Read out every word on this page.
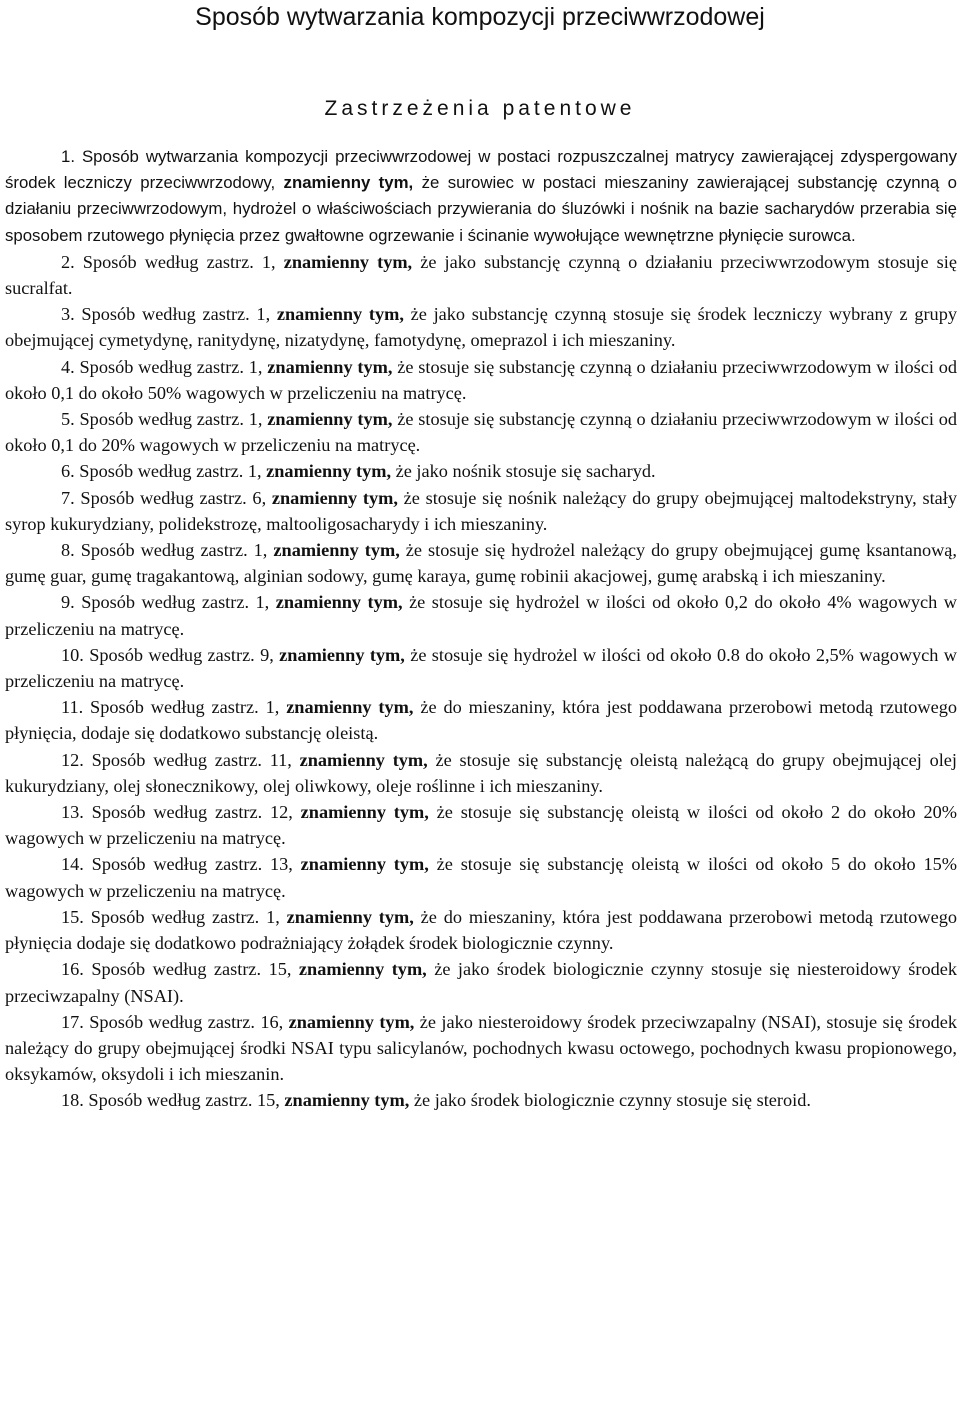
Sposób wytwarzania kompozycji przeciwwrzodowej
Zastrzeżenia patentowe

1. Sposób wytwarzania kompozycji przeciwwrzodowej w postaci rozpuszczalnej matrycy zawierającej zdyspergowany środek leczniczy przeciwwrzodowy, znamienny tym, że surowiec w postaci mieszaniny zawierającej substancję czynną o działaniu przeciwwrzodowym, hydrożel o właściwościach przywierania do śluzówki i nośnik na bazie sacharydów przerabia się sposobem rzutowego płynięcia przez gwałtowne ogrzewanie i ścinanie wywołujące wewnętrzne płynięcie surowca.

2. Sposób według zastrz. 1, znamienny tym, że jako substancję czynną o działaniu przeciwwrzodowym stosuje się sucralfat.

3. Sposób według zastrz. 1, znamienny tym, że jako substancję czynną stosuje się środek leczniczy wybrany z grupy obejmującej cymetydynę, ranitydynę, nizatydynę, famotydynę, omeprazol i ich mieszaniny.

4. Sposób według zastrz. 1, znamienny tym, że stosuje się substancję czynną o działaniu przeciwwrzodowym w ilości od około 0,1 do około 50% wagowych w przeliczeniu na matrycę.

5. Sposób według zastrz. 1, znamienny tym, że stosuje się substancję czynną o działaniu przeciwwrzodowym w ilości od około 0,1 do 20% wagowych w przeliczeniu na matrycę.

6. Sposób według zastrz. 1, znamienny tym, że jako nośnik stosuje się sacharyd.

7. Sposób według zastrz. 6, znamienny tym, że stosuje się nośnik należący do grupy obejmującej maltodekstryny, stały syrop kukurydziany, polidekstrozę, maltooligosacharydy i ich mieszaniny.

8. Sposób według zastrz. 1, znamienny tym, że stosuje się hydrożel należący do grupy obejmującej gumę ksantanową, gumę guar, gumę tragakantową, alginian sodowy, gumę karaya, gumę robinii akacjowej, gumę arabską i ich mieszaniny.

9. Sposób według zastrz. 1, znamienny tym, że stosuje się hydrożel w ilości od około 0,2 do około 4% wagowych w przeliczeniu na matrycę.

10. Sposób według zastrz. 9, znamienny tym, że stosuje się hydrożel w ilości od około 0.8 do około 2,5% wagowych w przeliczeniu na matrycę.

11. Sposób według zastrz. 1, znamienny tym, że do mieszaniny, która jest poddawana przerobowi metodą rzutowego płynięcia, dodaje się dodatkowo substancję oleistą.

12. Sposób według zastrz. 11, znamienny tym, że stosuje się substancję oleistą należącą do grupy obejmującej olej kukurydziany, olej słonecznikowy, olej oliwkowy, oleje roślinne i ich mieszaniny.

13. Sposób według zastrz. 12, znamienny tym, że stosuje się substancję oleistą w ilości od około 2 do około 20% wagowych w przeliczeniu na matrycę.

14. Sposób według zastrz. 13, znamienny tym, że stosuje się substancję oleistą w ilości od około 5 do około 15% wagowych w przeliczeniu na matrycę.

15. Sposób według zastrz. 1, znamienny tym, że do mieszaniny, która jest poddawana przerobowi metodą rzutowego płynięcia dodaje się dodatkowo podrażniający żołądek środek biologicznie czynny.

16. Sposób według zastrz. 15, znamienny tym, że jako środek biologicznie czynny stosuje się niesteroidowy środek przeciwzapalny (NSAI).

17. Sposób według zastrz. 16, znamienny tym, że jako niesteroidowy środek przeciwzapalny (NSAI), stosuje się środek należący do grupy obejmującej środki NSAI typu salicylanów, pochodnych kwasu octowego, pochodnych kwasu propionowego, oksykamów, oksydoli i ich mieszanin.

18. Sposób według zastrz. 15, znamienny tym, że jako środek biologicznie czynny stosuje się steroid.
